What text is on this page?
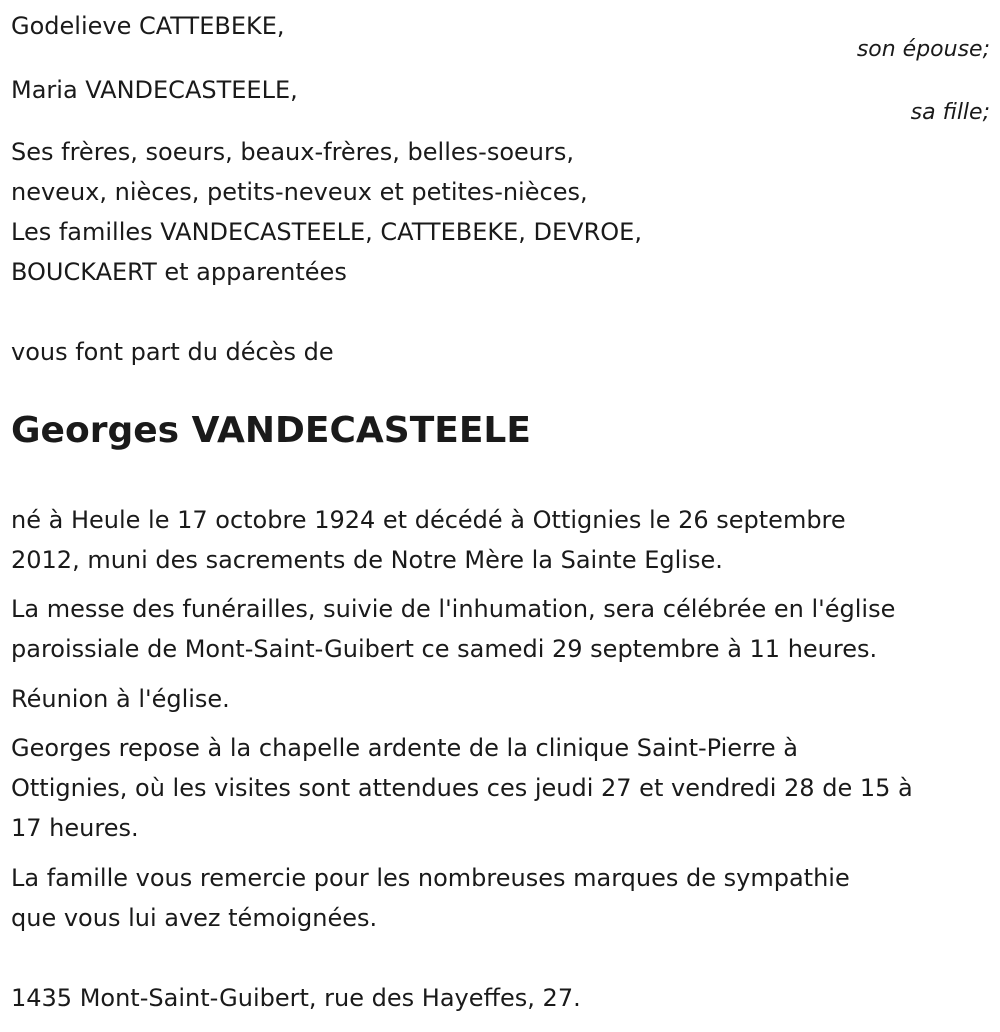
Godelieve CATTEBEKE,
son épouse;
Maria VANDECASTEELE,
sa fille;
Ses frères, soeurs, beaux-frères, belles-soeurs,
neveux, nièces, petits-neveux et petites-nièces,
Les familles VANDECASTEELE, CATTEBEKE, DEVROE,
BOUCKAERT et apparentées
vous font part du décès de
Georges VANDECASTEELE
né à Heule le 17 octobre 1924 et décédé à Ottignies le 26 septembre
2012, muni des sacrements de Notre Mère la Sainte Eglise.
La messe des funérailles, suivie de l'inhumation, sera célébrée en l'église
paroissiale de Mont-Saint-Guibert ce samedi 29 septembre à 11 heures.
Réunion à l'église.
Georges repose à la chapelle ardente de la clinique Saint-Pierre à
Ottignies, où les visites sont attendues ces jeudi 27 et vendredi 28 de 15 à
17 heures.
La famille vous remercie pour les nombreuses marques de sympathie
que vous lui avez témoignées.
1435 Mont-Saint-Guibert, rue des Hayeffes, 27.
